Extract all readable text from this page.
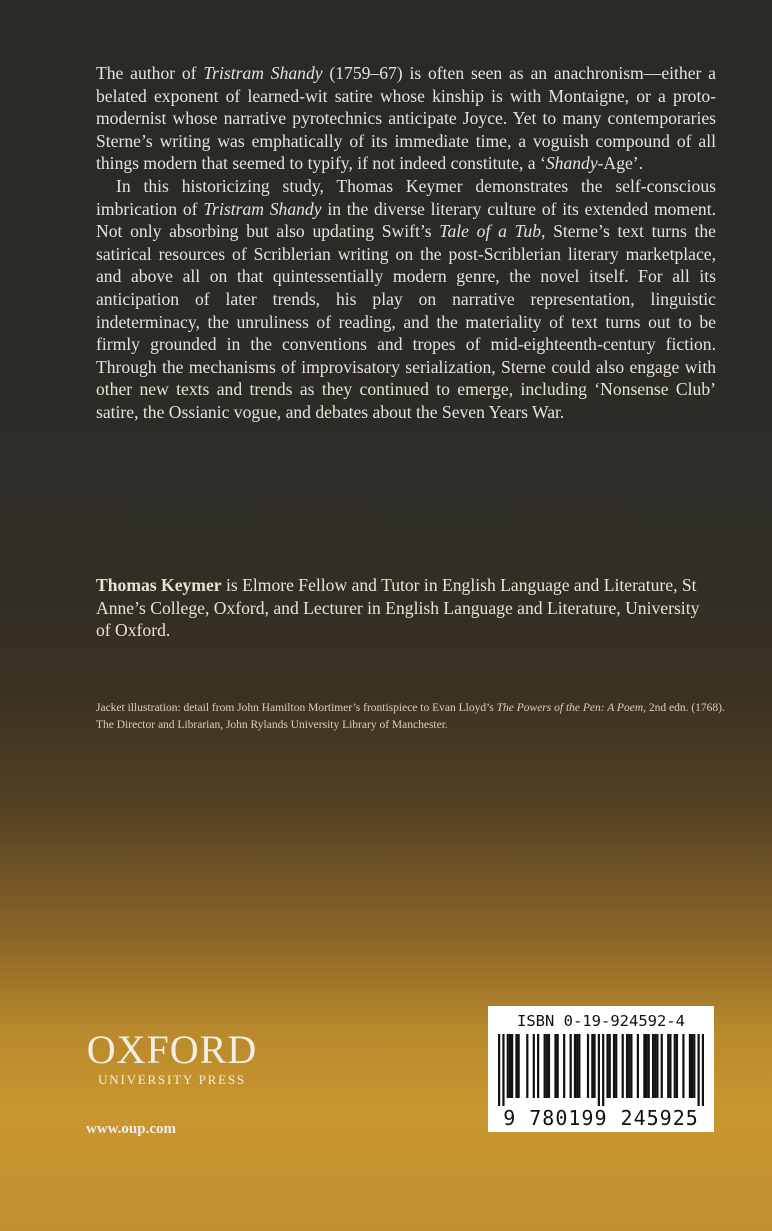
The author of Tristram Shandy (1759–67) is often seen as an anachronism—either a belated exponent of learned-wit satire whose kinship is with Montaigne, or a proto-modernist whose narrative pyrotechnics anticipate Joyce. Yet to many contemporaries Sterne’s writing was emphatically of its immediate time, a voguish compound of all things modern that seemed to typify, if not indeed constitute, a ‘Shandy-Age’.

In this historicizing study, Thomas Keymer demonstrates the self-conscious imbrication of Tristram Shandy in the diverse literary culture of its extended moment. Not only absorbing but also updating Swift’s Tale of a Tub, Sterne’s text turns the satirical resources of Scriblerian writing on the post-Scriblerian literary marketplace, and above all on that quintessentially modern genre, the novel itself. For all its anticipation of later trends, his play on narrative representation, linguistic indeterminacy, the unruliness of reading, and the materiality of text turns out to be firmly grounded in the conventions and tropes of mid-eighteenth-century fiction. Through the mechanisms of improvisatory serialization, Sterne could also engage with other new texts and trends as they continued to emerge, including ‘Nonsense Club’ satire, the Ossianic vogue, and debates about the Seven Years War.

Thomas Keymer is Elmore Fellow and Tutor in English Language and Literature, St Anne’s College, Oxford, and Lecturer in English Language and Literature, University of Oxford.

Jacket illustration: detail from John Hamilton Mortimer’s frontispiece to Evan Lloyd’s The Powers of the Pen: A Poem, 2nd edn. (1768). The Director and Librarian, John Rylands University Library of Manchester.

OXFORD
UNIVERSITY PRESS
www.oup.com
ISBN 0-19-924592-4
9 780199 245925
